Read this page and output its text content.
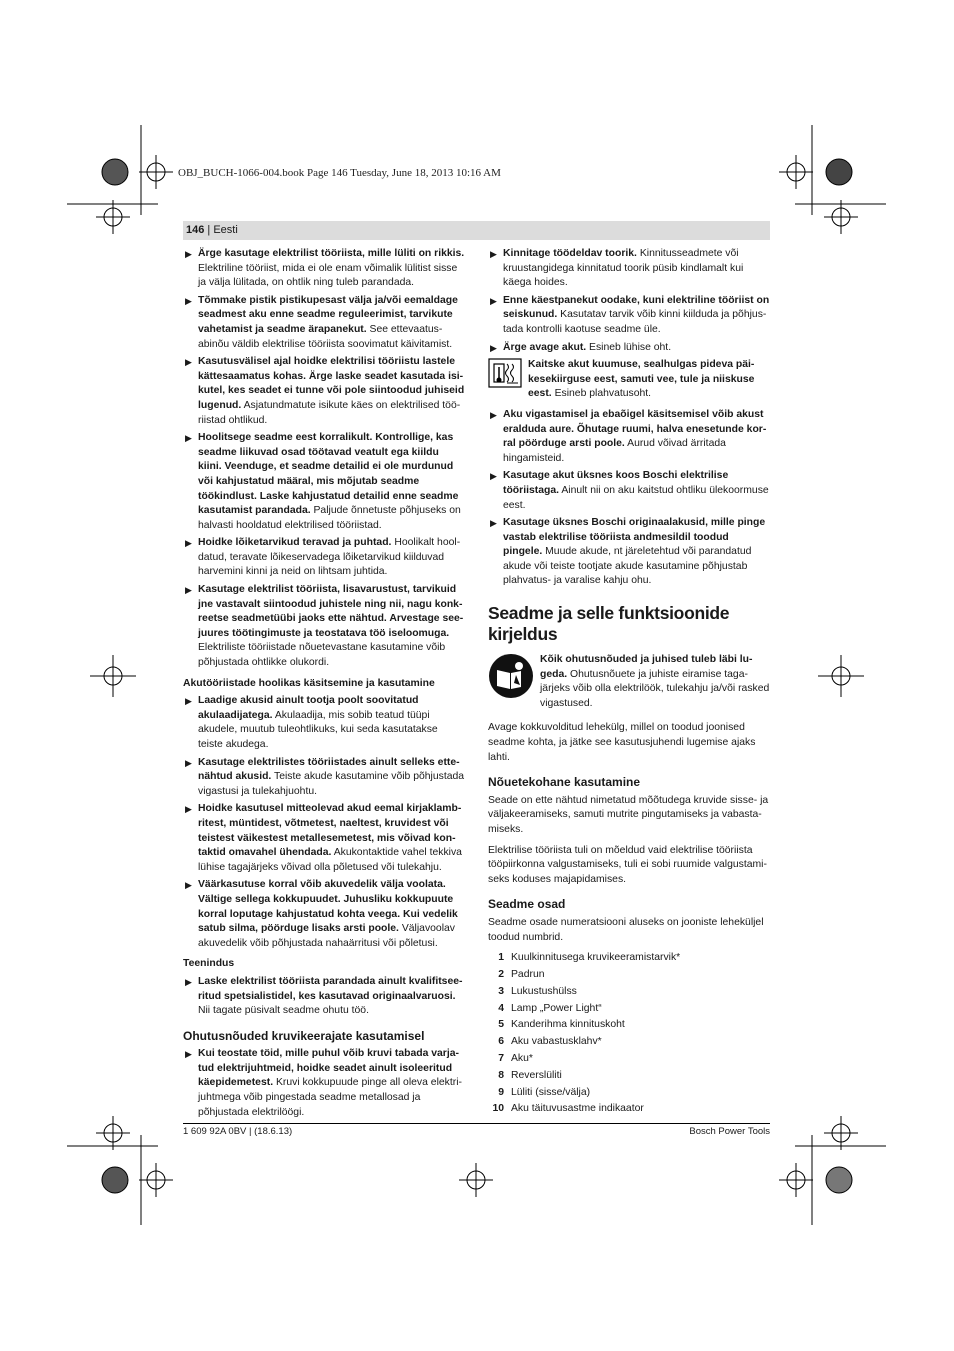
OBJ_BUCH-1066-004.book Page 146 Tuesday, June 18, 2013 10:16 AM
146 | Eesti
▶ Ärge kasutage elektrilist tööriista, mille lüliti on rikkis. Elektriline tööriist, mida ei ole enam võimalik lülitist sisse ja välja lülitada, on ohtlik ning tuleb parandada.
▶ Tõmmake pistik pistikupesast välja ja/või eemaldage seadmest aku enne seadme reguleerimist, tarvikute vahetamist ja seadme ärapanekut. See ettevaatusabinõu väldib elektrilise tööriista soovimatut käivitamist.
▶ Kasutusvälisel ajal hoidke elektrilisi tööriistu lastele kättesaamatus kohas. Ärge laske seadet kasutada isikutel, kes seadet ei tunne või pole siintoodud juhiseid lugenud. Asjatundmatute isikute käes on elektrilised tööriistad ohtlikud.
▶ Hoolitsege seadme eest korralikult. Kontrollige, kas seadme liikuvad osad töötavad veatult ega kiildu kiini. Veenduge, et seadme detailid ei ole murdunud või kahjustatud määral, mis mõjutab seadme töökindlust. Laske kahjustatud detailid enne seadme kasutamist parandada. Paljude õnnetuste põhjuseks on halvasti hooldatud elektrilised tööriistad.
▶ Hoidke lõiketarvikud teravad ja puhtad. Hoolikalt hooldatud, teravate lõikeservadega lõiketarvikud kiilduvad harvemini kinni ja neid on lihtsam juhtida.
▶ Kasutage elektrilist tööriista, lisavarustust, tarvikuid jne vastavalt siintoodud juhistele ning nii, nagu konkreetse seadmetüübi jaoks ette nähtud. Arvestage seejuures töötingimuste ja teostatava töö iseloomuga. Elektriliste tööriistade nõuetevastane kasutamine võib põhjustada ohtlikke olukordi.
Akutööriistade hoolikas käsitsemine ja kasutamine
▶ Laadige akusid ainult tootja poolt soovitatud akulaadijatega. Akulaadija, mis sobib teatud tüüpi akudele, muutub tuleohtlikuks, kui seda kasutatakse teiste akudega.
▶ Kasutage elektrilistes tööriistades ainult selleks ettenähtud akusid. Teiste akude kasutamine võib põhjustada vigastusi ja tulekahjuohtu.
▶ Hoidke kasutusel mitteolevad akud eemal kirjaklambritest, müntidest, võtmetest, naeltest, kruvidest või teistest väikestest metallesemetest, mis võivad kontaktid omavahel ühendada. Akukontaktide vahel tekkiva lühise tagajärjeks võivad olla põletused või tulekahju.
▶ Väärkasutuse korral võib akuvedelik välja voolata. Vältige sellega kokkupuudet. Juhusliku kokkupuute korral loputage kahjustatud kohta veega. Kui vedelik satub silma, pöörduge lisaks arsti poole. Väljavoolav akuvedelik võib põhjustada nahaärritusi või põletusi.
Teenindus
▶ Laske elektrilist tööriista parandada ainult kvalifitseeritud spetsialistidel, kes kasutavad originaalvaruosi. Nii tagate püsivalt seadme ohutu töö.
Ohutusnõuded kruvikeerajate kasutamisel
▶ Kui teostate töid, mille puhul võib kruvi tabada varjatud elektrijuhtmeid, hoidke seadet ainult isoleeritud käepidemetest. Kruvi kokkupuude pinge all oleva elektrijuhtmega võib pingestada seadme metallosad ja põhjustada elektrilöögi.
▶ Kinnitage töödeldav toorik. Kinnitusseadmete või kruustangidega kinnitatud toorik püsib kindlamalt kui käega hoides.
▶ Enne käestpanekut oodake, kuni elektriline tööriist on seiskunud. Kasutatav tarvik võib kinni kiilduda ja põhjustada kontrolli kaotuse seadme üle.
▶ Ärge avage akut. Esineb lühise oht.
Kaitske akut kuumuse, sealhulgas pideva päikesekiirguse eest, samuti vee, tule ja niiskuse eest. Esineb plahvatusoht.
▶ Aku vigastamisel ja ebaõigel käsitsemisel võib akust eralduda aure. Õhutage ruumi, halva enesetunde korral pöörduge arsti poole. Aurud võivad ärritada hingamisteid.
▶ Kasutage akut üksnes koos Boschi elektrilise tööriistaga. Ainult nii on aku kaitstud ohtliku ülekoormuse eest.
▶ Kasutage üksnes Boschi originaalakusid, mille pinge vastab elektrilise tööriista andmesildil toodud pingele. Muude akude, nt järeletehtud või parandatud akude või teiste tootjate akude kasutamine põhjustab plahvatus- ja varalise kahju ohu.
Seadme ja selle funktsioonide kirjeldus
Kõik ohutusnõuded ja juhised tuleb läbi lugeda. Ohutusnõuete ja juhiste eiramise tagajärjeks võib olla elektrilöök, tulekahju ja/või rasked vigastused.

Avage kokkuvolditud lehekülg, millel on toodud joonised seadme kohta, ja jätke see kasutusjuhendi lugemise ajaks lahti.

Nõuetekohane kasutamine

Seade on ette nähtud nimetatud mõõtudega kruvide sisse- ja väljakeeramiseks, samuti mutrite pingutamiseks ja vabastamiseks.

Elektrilise tööriista tuli on mõeldud vaid elektrilise tööriista tööpiirkonna valgustamiseks, tuli ei sobi ruumide valgustamiseks koduses majapidamises.

Seadme osad

Seadme osade numeratsiooni aluseks on jooniste leheküljel toodud numbrid.

1 Kuulkinnitusega kruvikeeramistarvik*
2 Padrun
3 Lukustushülss
4 Lamp „Power Light“
5 Kanderihma kinnituskoht
6 Aku vabastusklahv*
7 Aku*
8 Reverslüliti
9 Lüliti (sisse/välja)
10 Aku täituvusastme indikaator
1 609 92A 0BV | (18.6.13)	Bosch Power Tools
